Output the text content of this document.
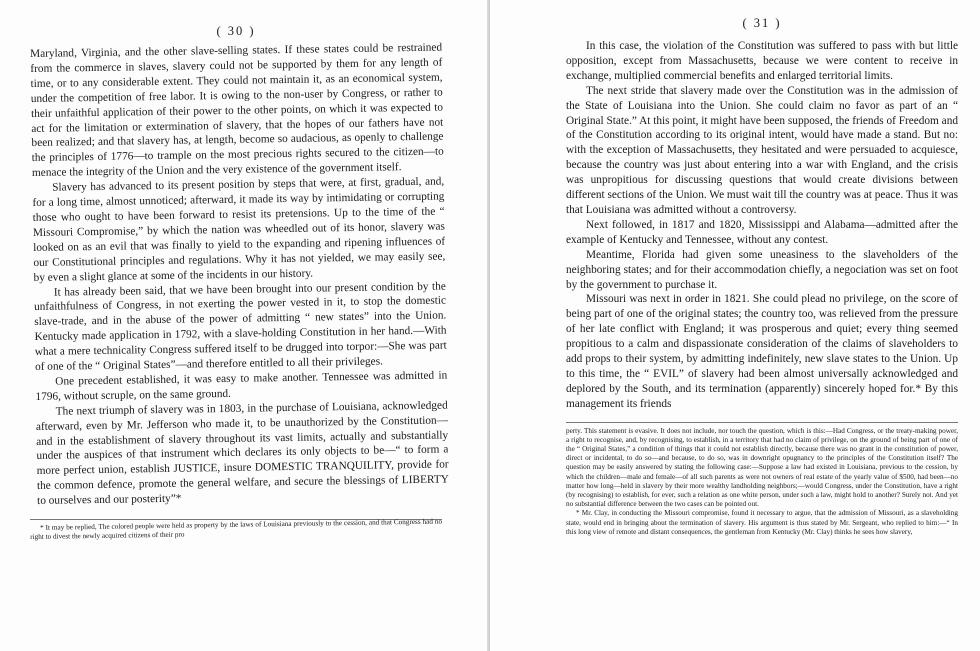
( 30 )

Maryland, Virginia, and the other slave-selling states. If these states could be restrained from the commerce in slaves, slavery could not be supported by them for any length of time, or to any considerable extent. They could not maintain it, as an economical system, under the competition of free labor. It is owing to the non-user by Congress, or rather to their unfaithful application of their power to the other points, on which it was expected to act for the limitation or extermination of slavery, that the hopes of our fathers have not been realized; and that slavery has, at length, become so audacious, as openly to challenge the principles of 1776—to trample on the most precious rights secured to the citizen—to menace the integrity of the Union and the very existence of the government itself.

Slavery has advanced to its present position by steps that were, at first, gradual, and, for a long time, almost unnoticed; afterward, it made its way by intimidating or corrupting those who ought to have been forward to resist its pretensions. Up to the time of the “ Missouri Compromise,” by which the nation was wheedled out of its honor, slavery was looked on as an evil that was finally to yield to the expanding and ripening influences of our Constitutional principles and regulations. Why it has not yielded, we may easily see, by even a slight glance at some of the incidents in our history.

It has already been said, that we have been brought into our present condition by the unfaithfulness of Congress, in not exerting the power vested in it, to stop the domestic slave-trade, and in the abuse of the power of admitting “ new states” into the Union. Kentucky made application in 1792, with a slave-holding Constitution in her hand.—With what a mere technicality Congress suffered itself to be drugged into torpor:—She was part of one of the “ Original States”—and therefore entitled to all their privileges.

One precedent established, it was easy to make another. Tennessee was admitted in 1796, without scruple, on the same ground.

The next triumph of slavery was in 1803, in the purchase of Louisiana, acknowledged afterward, even by Mr. Jefferson who made it, to be unauthorized by the Constitution—and in the establishment of slavery throughout its vast limits, actually and substantially under the auspices of that instrument which declares its only objects to be—“ to form a more perfect union, establish JUSTICE, insure DOMESTIC TRANQUILITY, provide for the common defence, promote the general welfare, and secure the blessings of LIBERTY to ourselves and our posterity”*

* It may be replied, The colored people were held as property by the laws of Louisiana previously to the cession, and that Congress had no right to divest the newly acquired citizens of their pro

( 31 )

In this case, the violation of the Constitution was suffered to pass with but little opposition, except from Massachusetts, because we were content to receive in exchange, multiplied commercial benefits and enlarged territorial limits.

The next stride that slavery made over the Constitution was in the admission of the State of Louisiana into the Union. She could claim no favor as part of an “ Original State.” At this point, it might have been supposed, the friends of Freedom and of the Constitution according to its original intent, would have made a stand. But no: with the exception of Massachusetts, they hesitated and were persuaded to acquiesce, because the country was just about entering into a war with England, and the crisis was unpropitious for discussing questions that would create divisions between different sections of the Union. We must wait till the country was at peace. Thus it was that Louisiana was admitted without a controversy.

Next followed, in 1817 and 1820, Mississippi and Alabama—admitted after the example of Kentucky and Tennessee, without any contest.

Meantime, Florida had given some uneasiness to the slaveholders of the neighboring states; and for their accommodation chiefly, a negociation was set on foot by the government to purchase it.

Missouri was next in order in 1821. She could plead no privilege, on the score of being part of one of the original states; the country too, was relieved from the pressure of her late conflict with England; it was prosperous and quiet; every thing seemed propitious to a calm and dispassionate consideration of the claims of slaveholders to add props to their system, by admitting indefinitely, new slave states to the Union. Up to this time, the “ EVIL” of slavery had been almost universally acknowledged and deplored by the South, and its termination (apparently) sincerely hoped for.* By this management its friends

perty. This statement is evasive. It does not include, nor touch the question, which is this:—Had Congress, or the treaty-making power, a right to recognise, and, by recognising, to establish, in a territory that had no claim of privilege, on the ground of being part of one of the “ Original States,” a condition of things that it could not establish directly, because there was no grant in the constitution of power, direct or incidental, to do so—and because, to do so, was in downright opugnancy to the principles of the Constitution itself? The question may be easily answered by stating the following case:—Suppose a law had existed in Louisiana, previous to the cession, by which the children—male and female—of all such parents as were not owners of real estate of the yearly value of $500, had been—no matter how long—held in slavery by their more wealthy landholding neighbors;—would Congress, under the Constitution, have a right (by recognising) to establish, for ever, such a relation as one white person, under such a law, might hold to another? Surely not. And yet no substantial difference between the two cases can be pointed out.

* Mr. Clay, in conducting the Missouri compromise, found it necessary to argue, that the admission of Missouri, as a slaveholding state, would end in bringing about the termination of slavery. His argument is thus stated by Mr. Sergeant, who replied to him:—“ In this long view of remote and distant consequences, the gentleman from Kentucky (Mr. Clay) thinks he sees how slavery,
